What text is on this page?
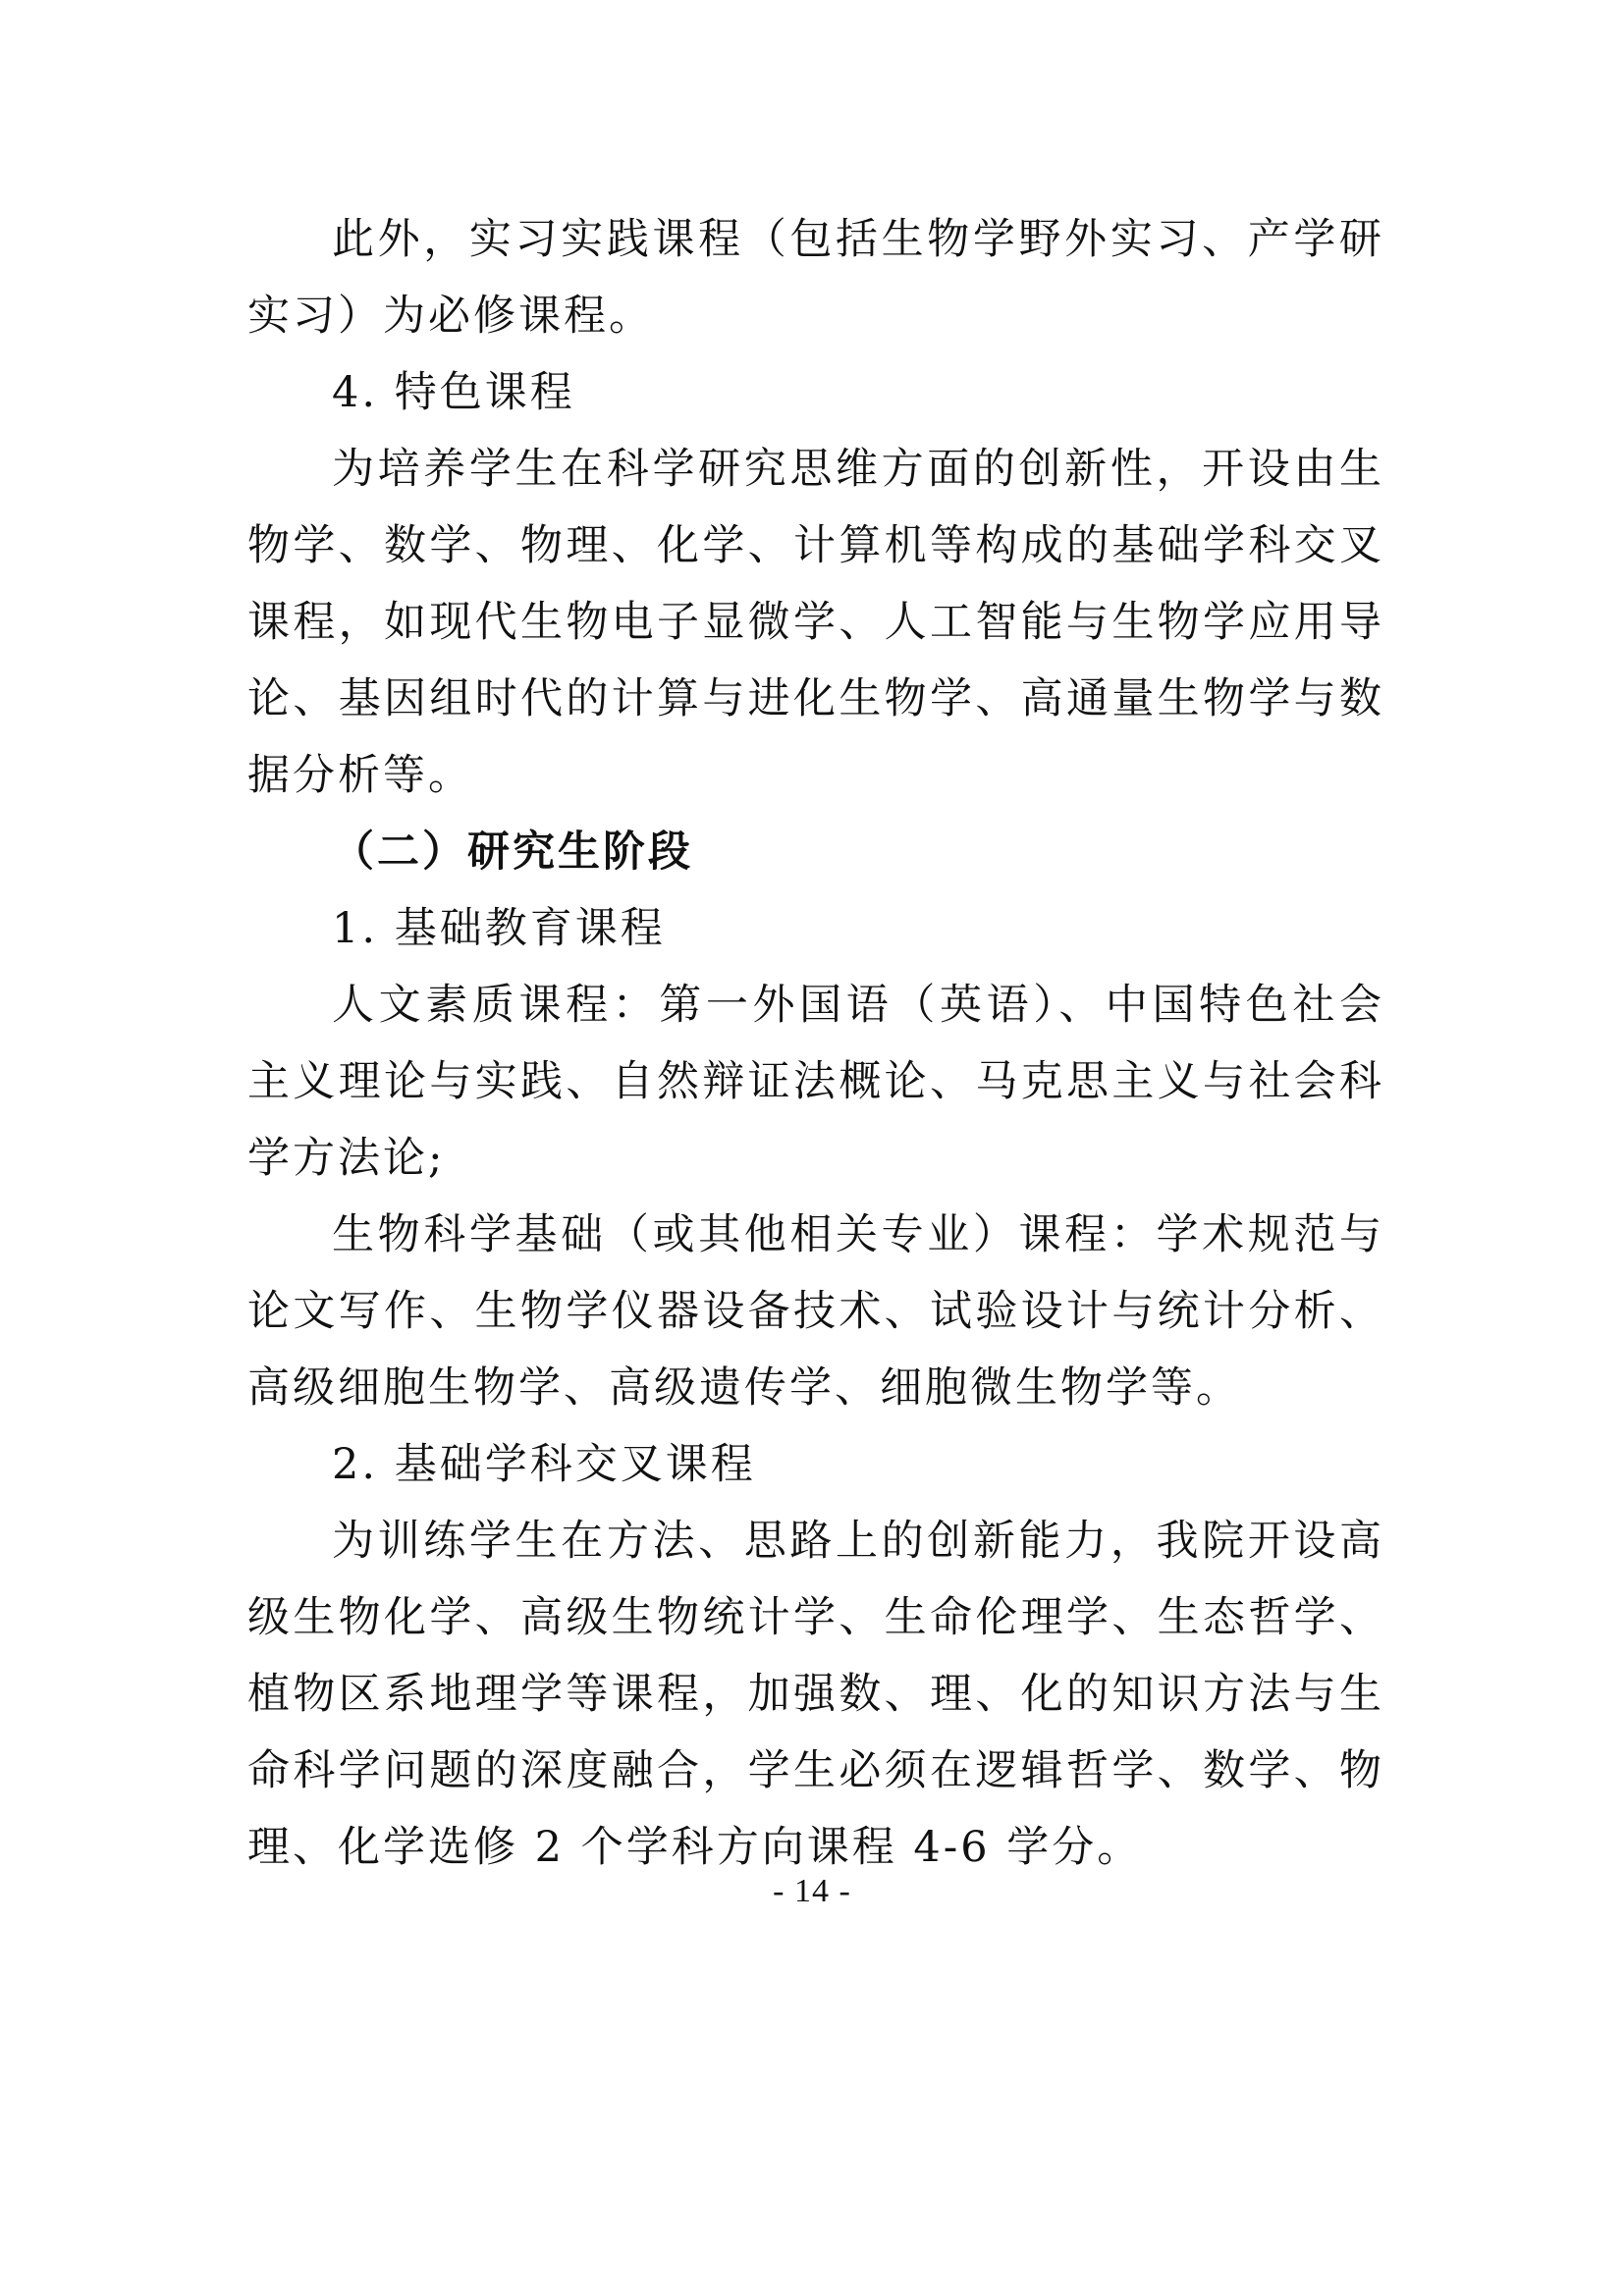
此外，实习实践课程（包括生物学野外实习、产学研实习）为必修课程。

4. 特色课程

为培养学生在科学研究思维方面的创新性，开设由生物学、数学、物理、化学、计算机等构成的基础学科交叉课程，如现代生物电子显微学、人工智能与生物学应用导论、基因组时代的计算与进化生物学、高通量生物学与数据分析等。

（二）研究生阶段

1. 基础教育课程

人文素质课程：第一外国语（英语）、中国特色社会主义理论与实践、自然辩证法概论、马克思主义与社会科学方法论;

生物科学基础（或其他相关专业）课程：学术规范与论文写作、生物学仪器设备技术、试验设计与统计分析、高级细胞生物学、高级遗传学、细胞微生物学等。

2. 基础学科交叉课程

为训练学生在方法、思路上的创新能力，我院开设高级生物化学、高级生物统计学、生命伦理学、生态哲学、植物区系地理学等课程，加强数、理、化的知识方法与生命科学问题的深度融合，学生必须在逻辑哲学、数学、物理、化学选修 2 个学科方向课程 4-6 学分。

- 14 -
